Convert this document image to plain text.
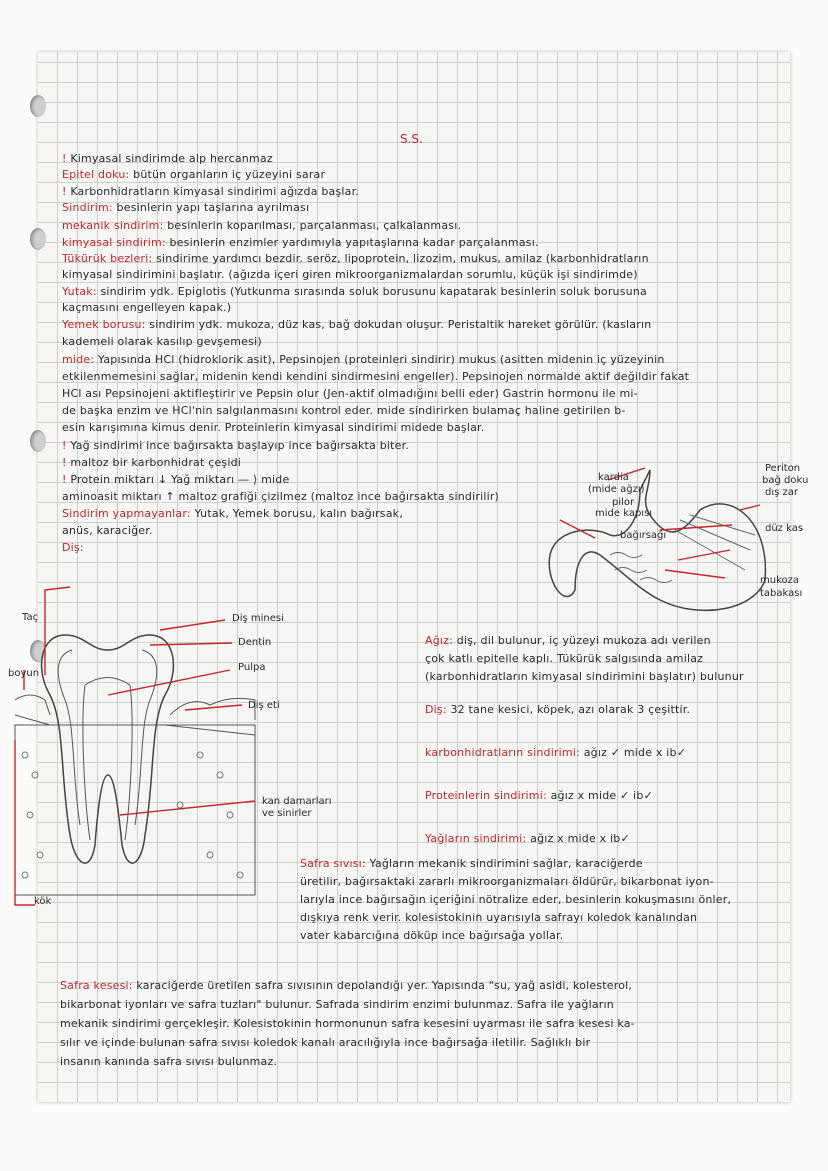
S.S.
! Kimyasal sindirimde alp hercanmaz
Epitel doku: bütün organların iç yüzeyini sarar
! Karbonhidratların kimyasal sindirimi ağızda başlar.
Sindirim: besinlerin yapı taşlarına ayrılması
mekanik sindirim: besinlerin koparılması, parçalanması, çalkalanması.
kimyasal sindirim: besinlerin enzimler yardımıyla yapıtaşlarına kadar parçalanması.
Tükürük bezleri: sindirime yardımcı bezdir. seröz, lipoprotein, lizozim, mukus, amilaz (karbonhidratların
kimyasal sindirimini başlatır. (ağızda içeri giren mikroorganizmalardan sorumlu, küçük işi sindirimde)
Yutak: sindirim ydk. Epiglotis (Yutkunma sırasında soluk borusunu kapatarak besinlerin soluk borusuna
kaçmasını engelleyen kapak.)
Yemek borusu: sindirim ydk. mukoza, düz kas, bağ dokudan oluşur. Peristaltik hareket görülür. (kasların
kademeli olarak kasılıp gevşemesi)
mide: Yapısında HCl (hidroklorik asit), Pepsinojen (proteinleri sindirir) mukus (asitten midenin iç yüzeyinin
etkilenmemesini sağlar, midenin kendi kendini sindirmesini engeller). Pepsinojen normalde aktif değildir fakat
HCl ası Pepsinojeni aktifleştirir ve Pepsin olur (Jen-aktif olmadığını belli eder) Gastrin hormonu ile mi-
de başka enzim ve HCl'nin salgılanmasını kontrol eder. mide sindirirken bulamaç haline getirilen b-
esin karışımına kimus denir. Proteinlerin kimyasal sindirimi midede başlar.
! Yağ sindirimi ince bağırsakta başlayıp ince bağırsakta biter.
! maltoz bir karbonhidrat çeşidi
! Protein miktarı ↓ Yağ miktarı — ⟩ mide
aminoasit miktarı ↑ maltoz grafiği çizilmez (maltoz ince bağırsakta sindirilir)
Sindirim yapmayanlar: Yutak, Yemek borusu, kalın bağırsak,
anüs, karaciğer.
Diş:
Ağız: diş, dil bulunur, iç yüzeyi mukoza adı verilen
çok katlı epitelle kaplı. Tükürük salgısında amilaz
(karbonhidratların kimyasal sindirimini başlatır) bulunur
Diş: 32 tane kesici, köpek, azı olarak 3 çeşittir.
karbonhidratların sindirimi: ağız ✓ mide x ib✓
Proteinlerin sindirimi: ağız x mide ✓ ib✓
Yağların sindirimi: ağız x mide x ib✓
Safra sıvısı: Yağların mekanik sindirimini sağlar, karaciğerde
üretilir, bağırsaktaki zararlı mikroorganizmaları öldürür, bikarbonat iyon-
larıyla ince bağırsağın içeriğini nötralize eder, besinlerin kokuşmasını önler,
dışkıya renk verir. kolesistokinin uyarısıyla safrayı koledok kanalından
vater kabarcığına döküp ince bağırsağa yollar.
Safra kesesi: karaciğerde üretilen safra sıvısının depolandığı yer. Yapısında "su, yağ asidi, kolesterol,
bikarbonat iyonları ve safra tuzları" bulunur. Safrada sindirim enzimi bulunmaz. Safra ile yağların
mekanik sindirimi gerçekleşir. Kolesistokinin hormonunun safra kesesini uyarması ile safra kesesi ka-
sılır ve içinde bulunan safra sıvısı koledok kanalı aracılığıyla ince bağırsağa iletilir. Sağlıklı bir
insanın kanında safra sıvısı bulunmaz.
kardia
(mide ağzı)
pilor
mide kapısı
Periton
bağ doku
dış zar
düz kas
mukoza
tabakası
bağırsağı
Taç
boyun
kök
Diş minesi
Dentin
Pulpa
Diş eti
kan damarları
ve sinirler
